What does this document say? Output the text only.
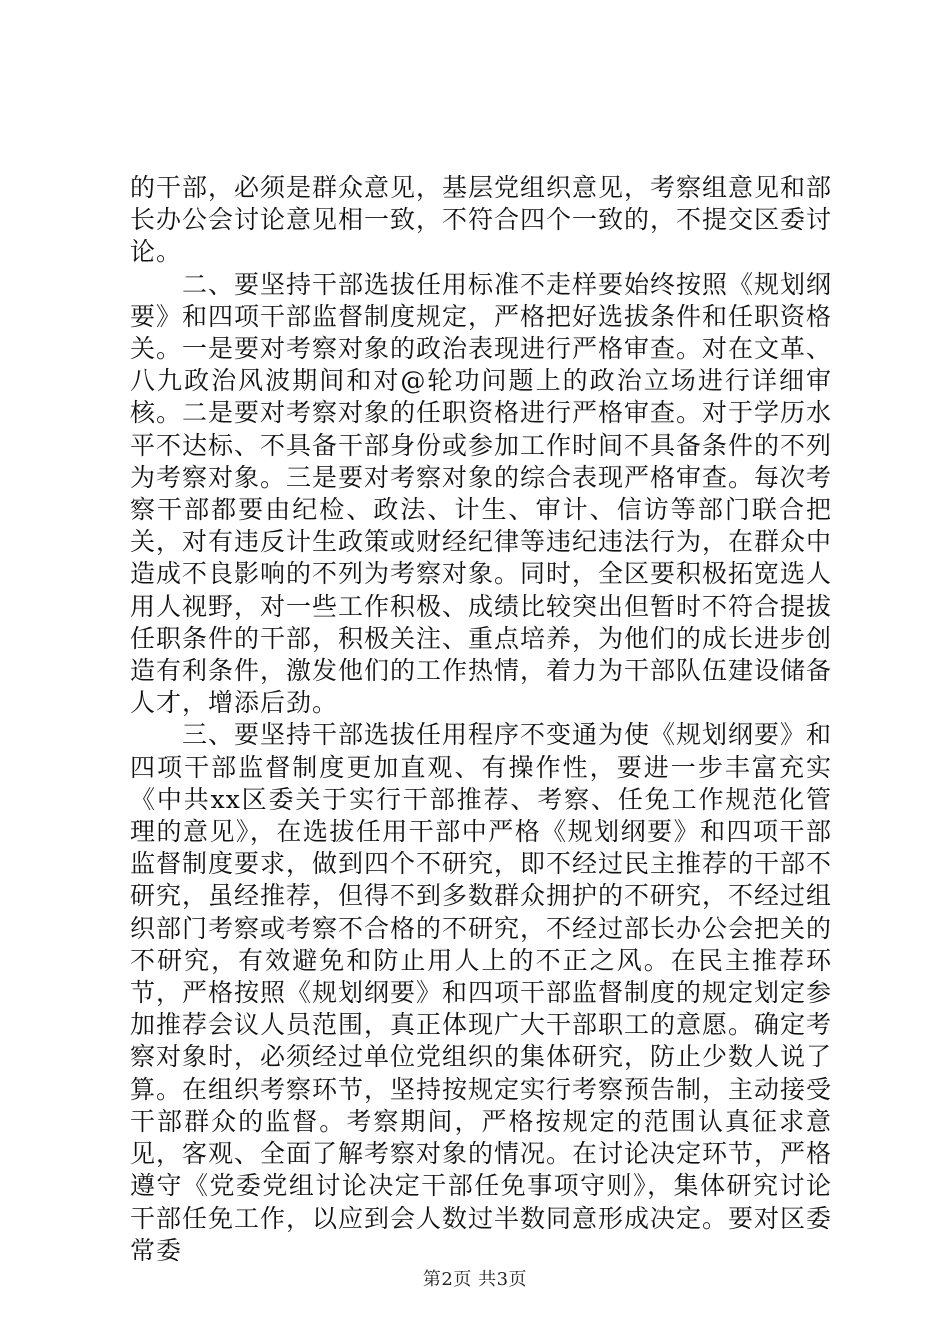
的干部，必须是群众意见，基层党组织意见，考察组意见和部长办公会讨论意见相一致，不符合四个一致的，不提交区委讨论。

二、要坚持干部选拔任用标准不走样要始终按照《规划纲要》和四项干部监督制度规定，严格把好选拔条件和任职资格关。一是要对考察对象的政治表现进行严格审查。对在文革、八九政治风波期间和对@轮功问题上的政治立场进行详细审核。二是要对考察对象的任职资格进行严格审查。对于学历水平不达标、不具备干部身份或参加工作时间不具备条件的不列为考察对象。三是要对考察对象的综合表现严格审查。每次考察干部都要由纪检、政法、计生、审计、信访等部门联合把关，对有违反计生政策或财经纪律等违纪违法行为，在群众中造成不良影响的不列为考察对象。同时，全区要积极拓宽选人用人视野，对一些工作积极、成绩比较突出但暂时不符合提拔任职条件的干部，积极关注、重点培养，为他们的成长进步创造有利条件，激发他们的工作热情，着力为干部队伍建设储备人才，增添后劲。

三、要坚持干部选拔任用程序不变通为使《规划纲要》和四项干部监督制度更加直观、有操作性，要进一步丰富充实《中共xx区委关于实行干部推荐、考察、任免工作规范化管理的意见》，在选拔任用干部中严格《规划纲要》和四项干部监督制度要求，做到四个不研究，即不经过民主推荐的干部不研究，虽经推荐，但得不到多数群众拥护的不研究，不经过组织部门考察或考察不合格的不研究，不经过部长办公会把关的不研究，有效避免和防止用人上的不正之风。在民主推荐环节，严格按照《规划纲要》和四项干部监督制度的规定划定参加推荐会议人员范围，真正体现广大干部职工的意愿。确定考察对象时，必须经过单位党组织的集体研究，防止少数人说了算。在组织考察环节，坚持按规定实行考察预告制，主动接受干部群众的监督。考察期间，严格按规定的范围认真征求意见，客观、全面了解考察对象的情况。在讨论决定环节，严格遵守《党委党组讨论决定干部任免事项守则》，集体研究讨论干部任免工作，以应到会人数过半数同意形成决定。要对区委常委

第2页 共3页
